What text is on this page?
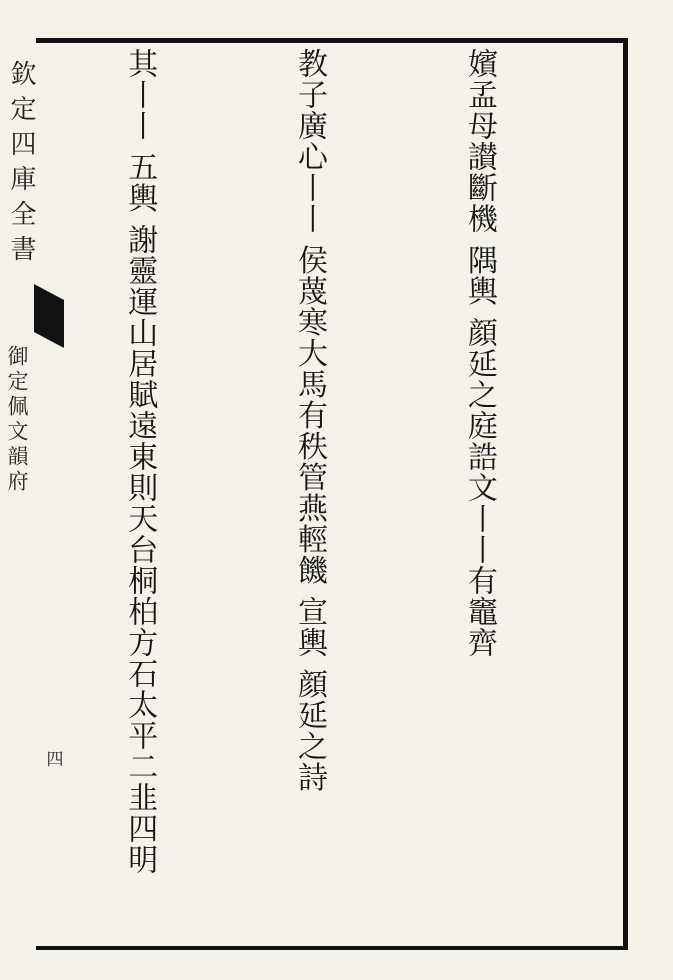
欽定四庫全書
御定佩文韻府
四

嬪孟母讃斷機 隅輿 顔延之庭誥文丨丨有竈齊

教子廣心丨丨 侯蔑寒大馬有秩管燕輕饑 宣輿 顔延之詩

其丨丨 五輿 謝靈運山居賦遠東則天台桐柏方石太平二韭四明
